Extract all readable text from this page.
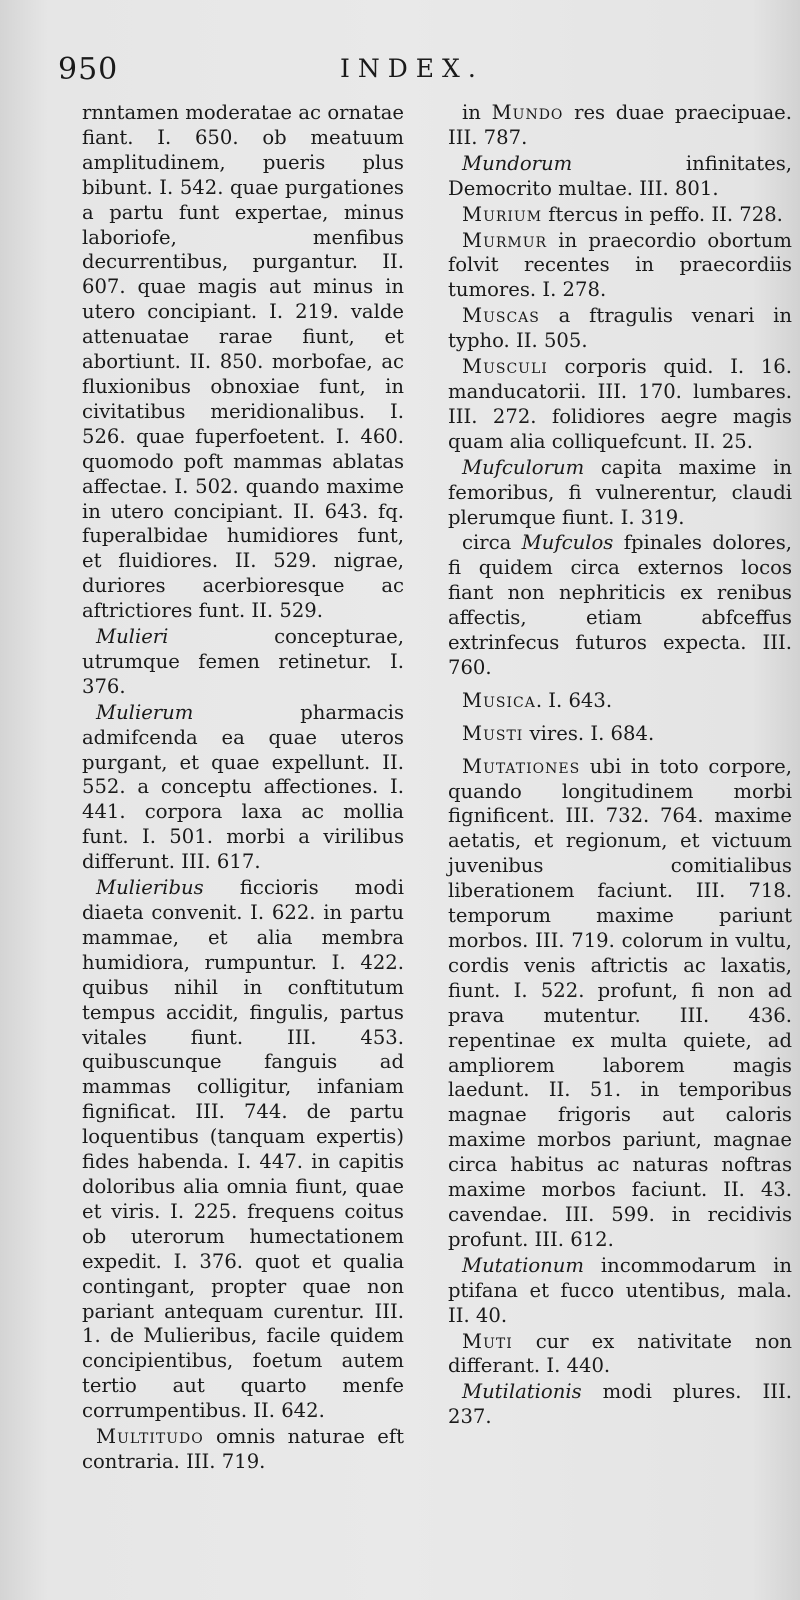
950	INDEX.

rnntamen moderatae ac ornatae fiant. I. 650. ob meatuum amplitudinem, pueris plus bibunt. I. 542. quae purgationes a partu funt expertae, minus laboriofe, menfibus decurrentibus, purgantur. II. 607. quae magis aut minus in utero concipiant. I. 219. valde attenuatae rarae fiunt, et abortiunt. II. 850. morbofae, ac fluxionibus obnoxiae funt, in civitatibus meridionalibus. I. 526. quae fuperfoetent. I. 460. quomodo poft mammas ablatas affectae. I. 502. quando maxime in utero concipiant. II. 643. fq. fuperalbidae humidiores funt, et fluidiores. II. 529. nigrae, duriores acerbioresque ac aftrictiores funt. II. 529.

Mulieri concepturae, utrumque femen retinetur. I. 376.

Mulierum pharmacis admifcenda ea quae uteros purgant, et quae expellunt. II. 552. a conceptu affectiones. I. 441. corpora laxa ac mollia funt. I. 501. morbi a virilibus differunt. III. 617.

Mulieribus ficcioris modi diaeta convenit. I. 622. in partu mammae, et alia membra humidiora, rumpuntur. I. 422. quibus nihil in conftitutum tempus accidit, fingulis, partus vitales fiunt. III. 453. quibuscunque fanguis ad mammas colligitur, infaniam fignificat. III. 744. de partu loquentibus (tanquam expertis) fides habenda. I. 447. in capitis doloribus alia omnia fiunt, quae et viris. I. 225. frequens coitus ob uterorum humectationem expedit. I. 376. quot et qualia contingant, propter quae non pariant antequam curentur. III. 1. de Mulieribus, facile quidem concipientibus, foetum autem tertio aut quarto menfe corrumpentibus. II. 642.

Multitudo omnis naturae eft contraria. III. 719.

in Mundo res duae praecipuae. III. 787.

Mundorum infinitates, Democrito multae. III. 801.

Murium ftercus in peffo. II. 728.

Murmur in praecordio obortum folvit recentes in praecordiis tumores. I. 278.

Muscas a ftragulis venari in typho. II. 505.

Musculi corporis quid. I. 16. manducatorii. III. 170. lumbares. III. 272. folidiores aegre magis quam alia colliquefcunt. II. 25.

Mufculorum capita maxime in femoribus, fi vulnerentur, claudi plerumque fiunt. I. 319.

circa Mufculos fpinales dolores, fi quidem circa externos locos fiant non nephriticis ex renibus affectis, etiam abfceffus extrinfecus futuros expecta. III. 760.

Musica. I. 643.

Musti vires. I. 684.

Mutationes ubi in toto corpore, quando longitudinem morbi fignificent. III. 732. 764. maxime aetatis, et regionum, et victuum juvenibus comitialibus liberationem faciunt. III. 718. temporum maxime pariunt morbos. III. 719. colorum in vultu, cordis venis aftrictis ac laxatis, fiunt. I. 522. profunt, fi non ad prava mutentur. III. 436. repentinae ex multa quiete, ad ampliorem laborem magis laedunt. II. 51. in temporibus magnae frigoris aut caloris maxime morbos pariunt, magnae circa habitus ac naturas noftras maxime morbos faciunt. II. 43. cavendae. III. 599. in recidivis profunt. III. 612.

Mutationum incommodarum in ptifana et fucco utentibus, mala. II. 40.

Muti cur ex nativitate non differant. I. 440.

Mutilationis modi plures. III. 237.
